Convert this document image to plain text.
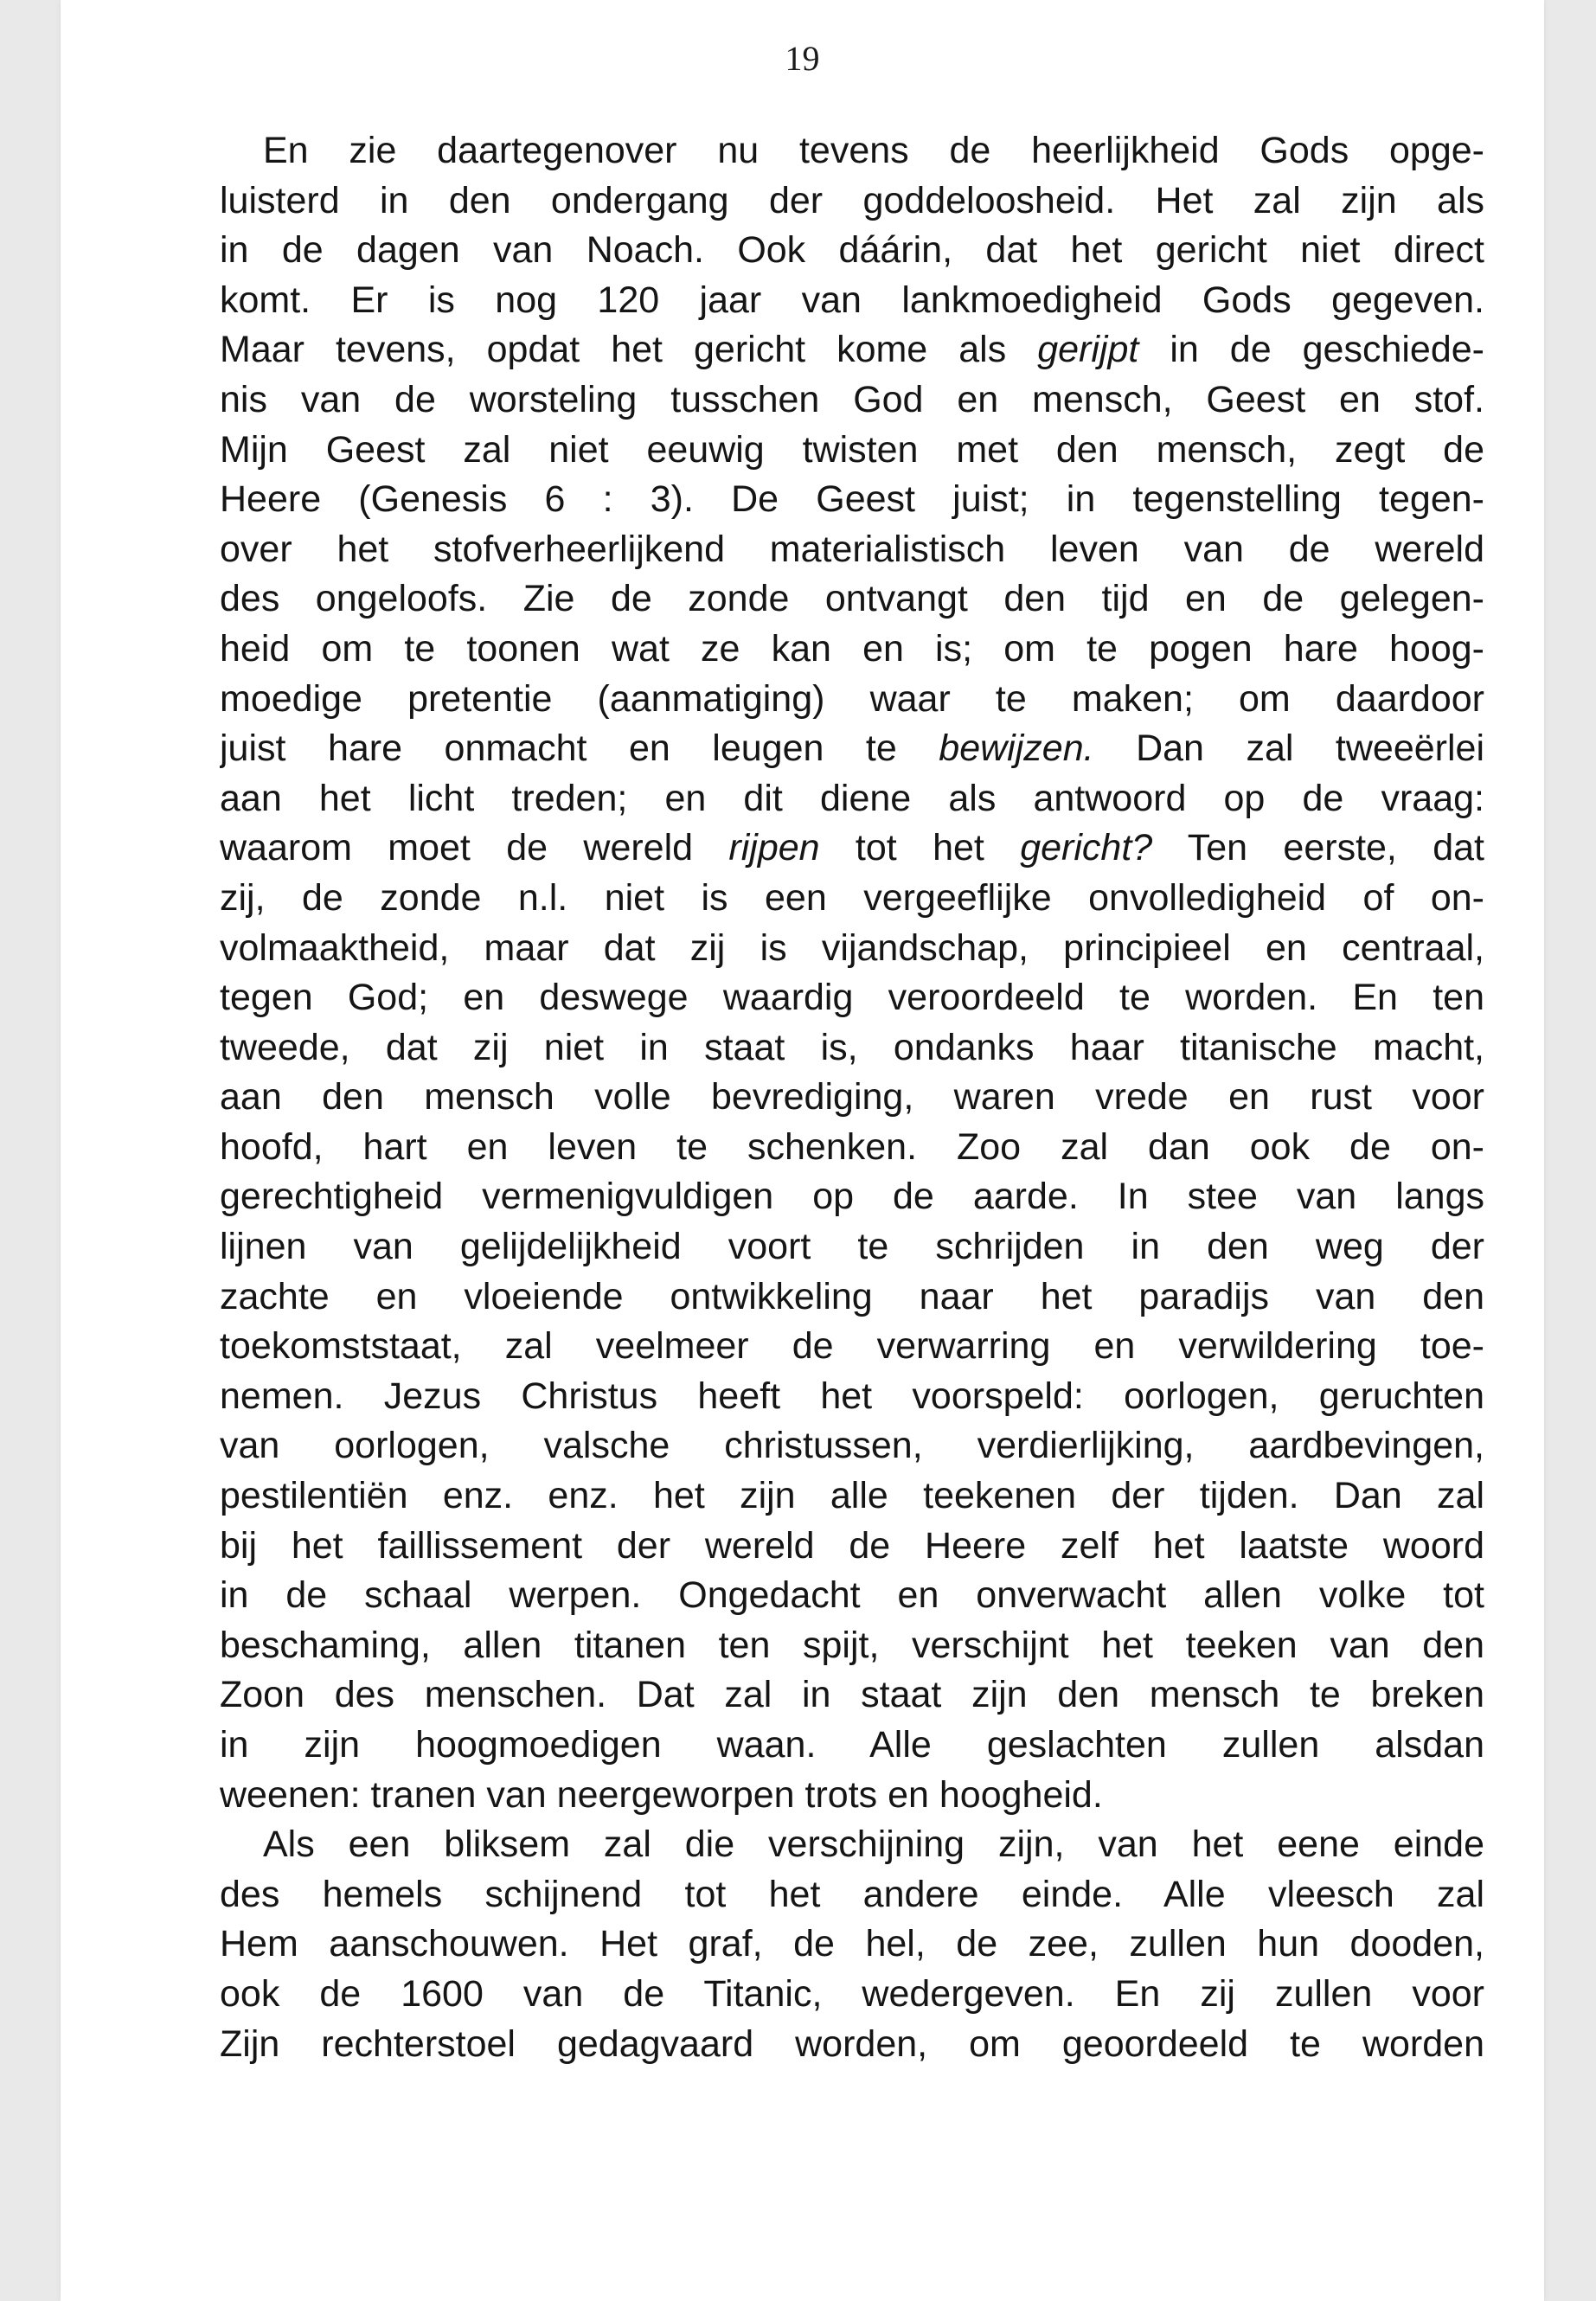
19
En zie daartegenover nu tevens de heerlijkheid Gods opge-
luisterd in den ondergang der goddeloosheid. Het zal zijn als
in de dagen van Noach. Ook dáárin, dat het gericht niet direct
komt. Er is nog 120 jaar van lankmoedigheid Gods gegeven.
Maar tevens, opdat het gericht kome als gerijpt in de geschiede-
nis van de worsteling tusschen God en mensch, Geest en stof.
Mijn Geest zal niet eeuwig twisten met den mensch, zegt de
Heere (Genesis 6 : 3). De Geest juist; in tegenstelling tegen-
over het stofverheerlijkend materialistisch leven van de wereld
des ongeloofs. Zie de zonde ontvangt den tijd en de gelegen-
heid om te toonen wat ze kan en is; om te pogen hare hoog-
moedige pretentie (aanmatiging) waar te maken; om daardoor
juist hare onmacht en leugen te bewijzen. Dan zal tweeërlei
aan het licht treden; en dit diene als antwoord op de vraag:
waarom moet de wereld rijpen tot het gericht? Ten eerste, dat
zij, de zonde n.l. niet is een vergeeflijke onvolledigheid of on-
volmaaktheid, maar dat zij is vijandschap, principieel en centraal,
tegen God; en deswege waardig veroordeeld te worden. En ten
tweede, dat zij niet in staat is, ondanks haar titanische macht,
aan den mensch volle bevrediging, waren vrede en rust voor
hoofd, hart en leven te schenken. Zoo zal dan ook de on-
gerechtigheid vermenigvuldigen op de aarde. In stee van langs
lijnen van gelijdelijkheid voort te schrijden in den weg der
zachte en vloeiende ontwikkeling naar het paradijs van den
toekomststaat, zal veelmeer de verwarring en verwildering toe-
nemen. Jezus Christus heeft het voorspeld: oorlogen, geruchten
van oorlogen, valsche christussen, verdierlijking, aardbevingen,
pestilentiën enz. enz. het zijn alle teekenen der tijden. Dan zal
bij het faillissement der wereld de Heere zelf het laatste woord
in de schaal werpen. Ongedacht en onverwacht allen volke tot
beschaming, allen titanen ten spijt, verschijnt het teeken van den
Zoon des menschen. Dat zal in staat zijn den mensch te breken
in zijn hoogmoedigen waan. Alle geslachten zullen alsdan
weenen: tranen van neergeworpen trots en hoogheid.
Als een bliksem zal die verschijning zijn, van het eene einde
des hemels schijnend tot het andere einde. Alle vleesch zal
Hem aanschouwen. Het graf, de hel, de zee, zullen hun dooden,
ook de 1600 van de Titanic, wedergeven. En zij zullen voor
Zijn rechterstoel gedagvaard worden, om geoordeeld te worden
